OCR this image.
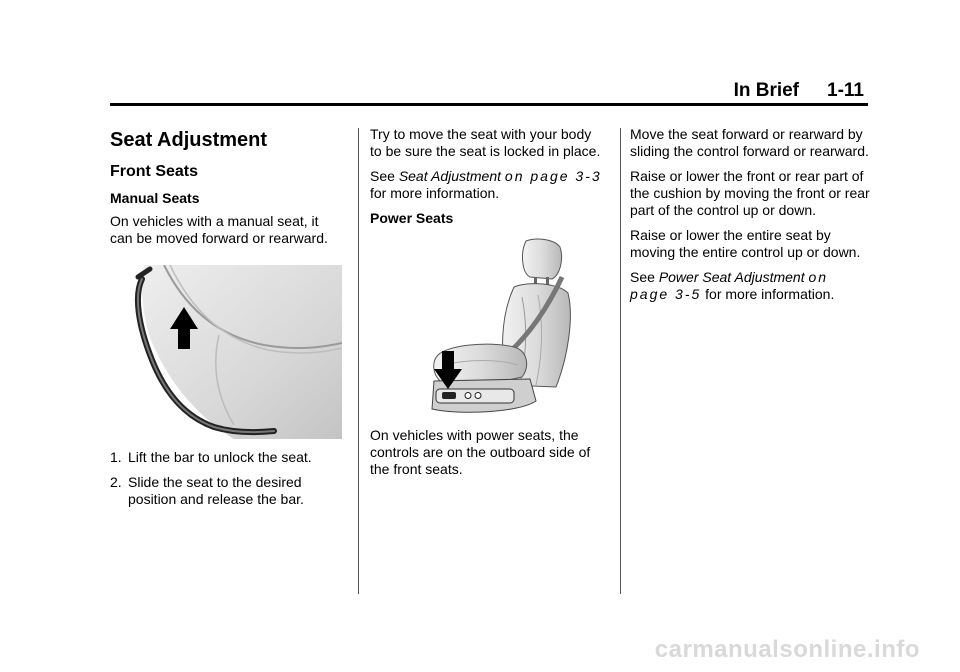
In Brief 1-11
Seat Adjustment
Front Seats
Manual Seats

On vehicles with a manual seat, it can be moved forward or rearward.

1. Lift the bar to unlock the seat.
2. Slide the seat to the desired position and release the bar.

Try to move the seat with your body to be sure the seat is locked in place.

See Seat Adjustment on page 3-3 for more information.

Power Seats

On vehicles with power seats, the controls are on the outboard side of the front seats.

Move the seat forward or rearward by sliding the control forward or rearward.

Raise or lower the front or rear part of the cushion by moving the front or rear part of the control up or down.

Raise or lower the entire seat by moving the entire control up or down.

See Power Seat Adjustment on page 3-5 for more information.

carmanualsonline.info
